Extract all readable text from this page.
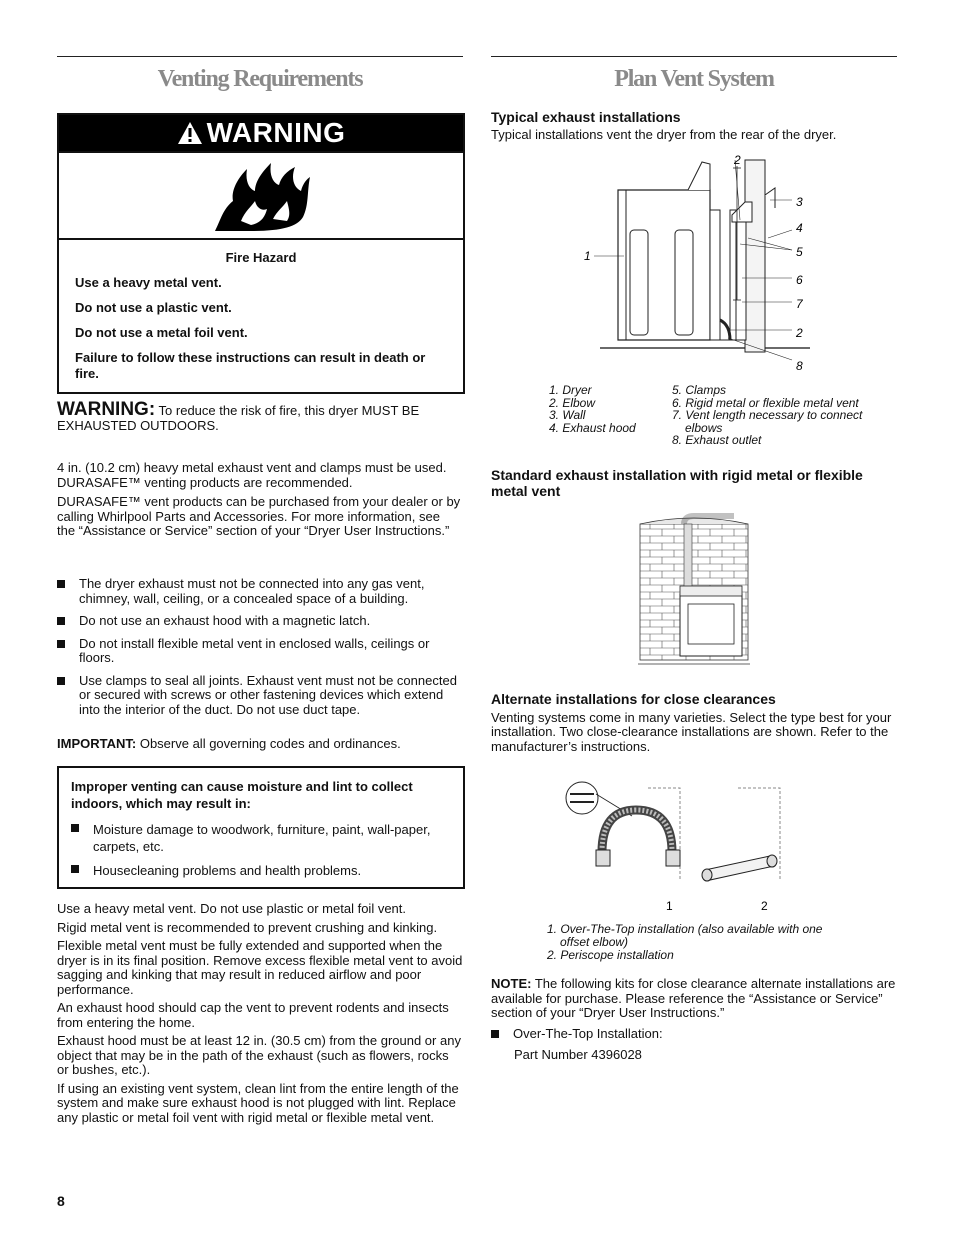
Venting Requirements
WARNING

Fire Hazard

Use a heavy metal vent.

Do not use a plastic vent.

Do not use a metal foil vent.

Failure to follow these instructions can result in death or fire.

WARNING: To reduce the risk of fire, this dryer MUST BE EXHAUSTED OUTDOORS.

4 in. (10.2 cm) heavy metal exhaust vent and clamps must be used. DURASAFE™ venting products are recommended.

DURASAFE™ vent products can be purchased from your dealer or by calling Whirlpool Parts and Accessories. For more information, see the “Assistance or Service” section of your “Dryer User Instructions.”

The dryer exhaust must not be connected into any gas vent, chimney, wall, ceiling, or a concealed space of a building.
Do not use an exhaust hood with a magnetic latch.
Do not install flexible metal vent in enclosed walls, ceilings or floors.
Use clamps to seal all joints. Exhaust vent must not be connected or secured with screws or other fastening devices which extend into the interior of the duct. Do not use duct tape.

IMPORTANT: Observe all governing codes and ordinances.

Improper venting can cause moisture and lint to collect indoors, which may result in:

Moisture damage to woodwork, furniture, paint, wall-paper, carpets, etc.
Housecleaning problems and health problems.

Use a heavy metal vent. Do not use plastic or metal foil vent.

Rigid metal vent is recommended to prevent crushing and kinking.

Flexible metal vent must be fully extended and supported when the dryer is in its final position. Remove excess flexible metal vent to avoid sagging and kinking that may result in reduced airflow and poor performance.

An exhaust hood should cap the vent to prevent rodents and insects from entering the home.

Exhaust hood must be at least 12 in. (30.5 cm) from the ground or any object that may be in the path of the exhaust (such as flowers, rocks or bushes, etc.).

If using an existing vent system, clean lint from the entire length of the system and make sure exhaust hood is not plugged with lint. Replace any plastic or metal foil vent with rigid metal or flexible metal vent.

8
Plan Vent System

Typical exhaust installations

Typical installations vent the dryer from the rear of the dryer.

1
2
3
4
5
6
7
2
8
1. Dryer
2. Elbow
3. Wall
4. Exhaust hood
5. Clamps
6. Rigid metal or flexible metal vent
7. Vent length necessary to connect elbows
8. Exhaust outlet
Standard exhaust installation with rigid metal or flexible metal vent

Alternate installations for close clearances

Venting systems come in many varieties. Select the type best for your installation. Two close-clearance installations are shown. Refer to the manufacturer’s instructions.

1	2
1. Over-The-Top installation (also available with one offset elbow)
2. Periscope installation

NOTE: The following kits for close clearance alternate installations are available for purchase. Please reference the “Assistance or Service” section of your “Dryer User Instructions.”

Over-The-Top Installation:

Part Number 4396028
